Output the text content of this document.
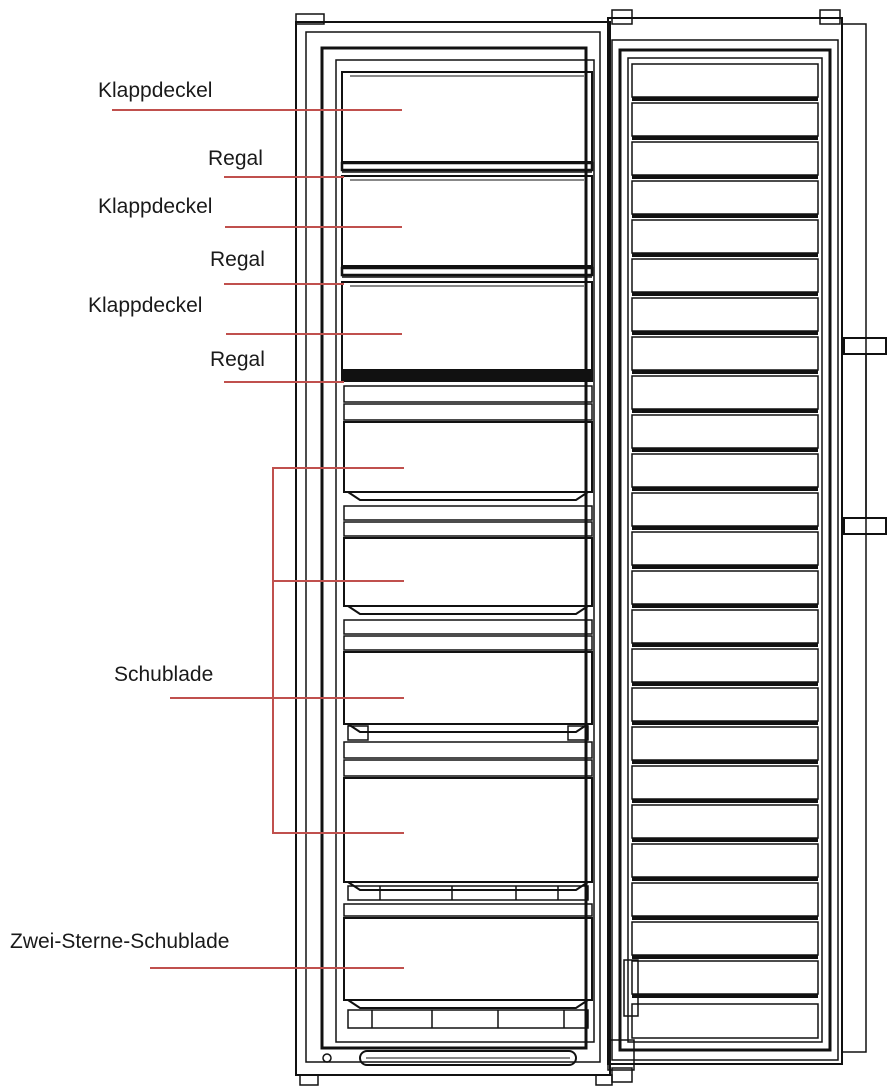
Klappdeckel
Regal
Klappdeckel
Regal
Klappdeckel
Regal
Schublade
Zwei-Sterne-Schublade
